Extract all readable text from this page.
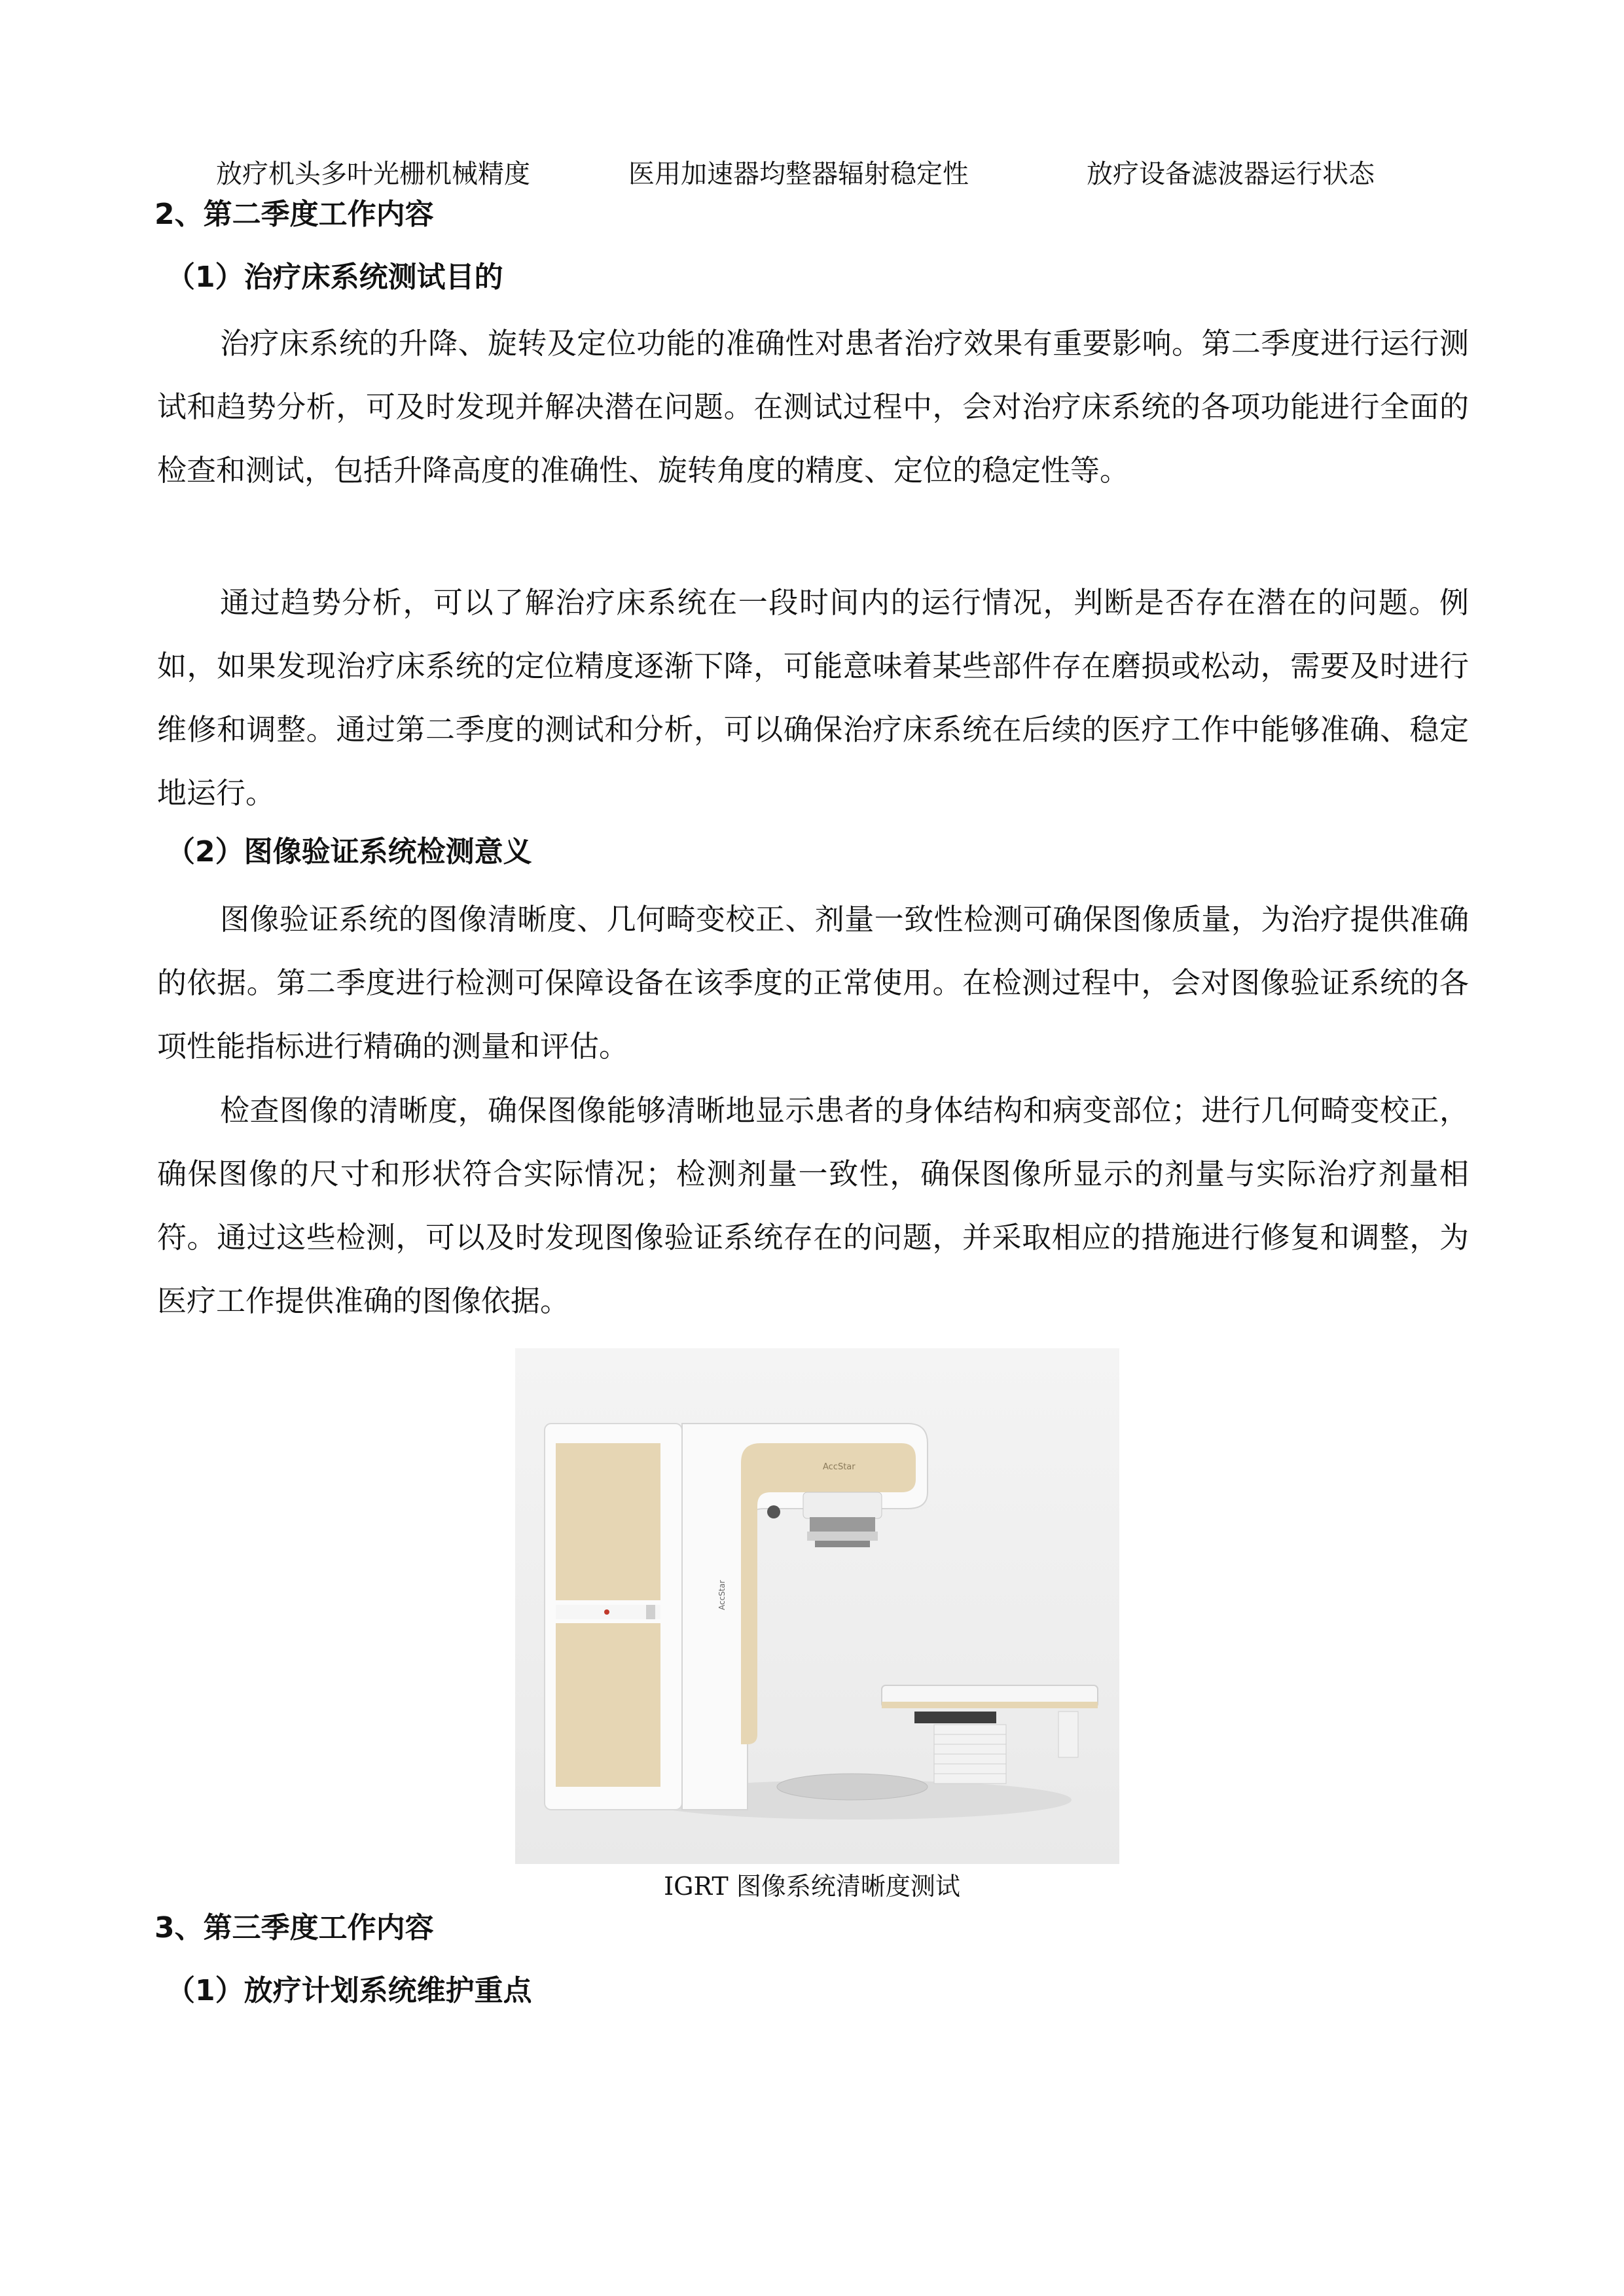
放疗机头多叶光栅机械精度	医用加速器均整器辐射稳定性	放疗设备滤波器运行状态
2、第二季度工作内容
（1）治疗床系统测试目的

治疗床系统的升降、旋转及定位功能的准确性对患者治疗效果有重要影响。第二季度进行运行测试和趋势分析，可及时发现并解决潜在问题。在测试过程中，会对治疗床系统的各项功能进行全面的检查和测试，包括升降高度的准确性、旋转角度的精度、定位的稳定性等。

通过趋势分析，可以了解治疗床系统在一段时间内的运行情况，判断是否存在潜在的问题。例如，如果发现治疗床系统的定位精度逐渐下降，可能意味着某些部件存在磨损或松动，需要及时进行维修和调整。通过第二季度的测试和分析，可以确保治疗床系统在后续的医疗工作中能够准确、稳定地运行。

（2）图像验证系统检测意义

图像验证系统的图像清晰度、几何畸变校正、剂量一致性检测可确保图像质量，为治疗提供准确的依据。第二季度进行检测可保障设备在该季度的正常使用。在检测过程中，会对图像验证系统的各项性能指标进行精确的测量和评估。

检查图像的清晰度，确保图像能够清晰地显示患者的身体结构和病变部位；进行几何畸变校正，确保图像的尺寸和形状符合实际情况；检测剂量一致性，确保图像所显示的剂量与实际治疗剂量相符。通过这些检测，可以及时发现图像验证系统存在的问题，并采取相应的措施进行修复和调整，为医疗工作提供准确的图像依据。

AccStar
AccStar
IGRT 图像系统清晰度测试
3、第三季度工作内容
（1）放疗计划系统维护重点
